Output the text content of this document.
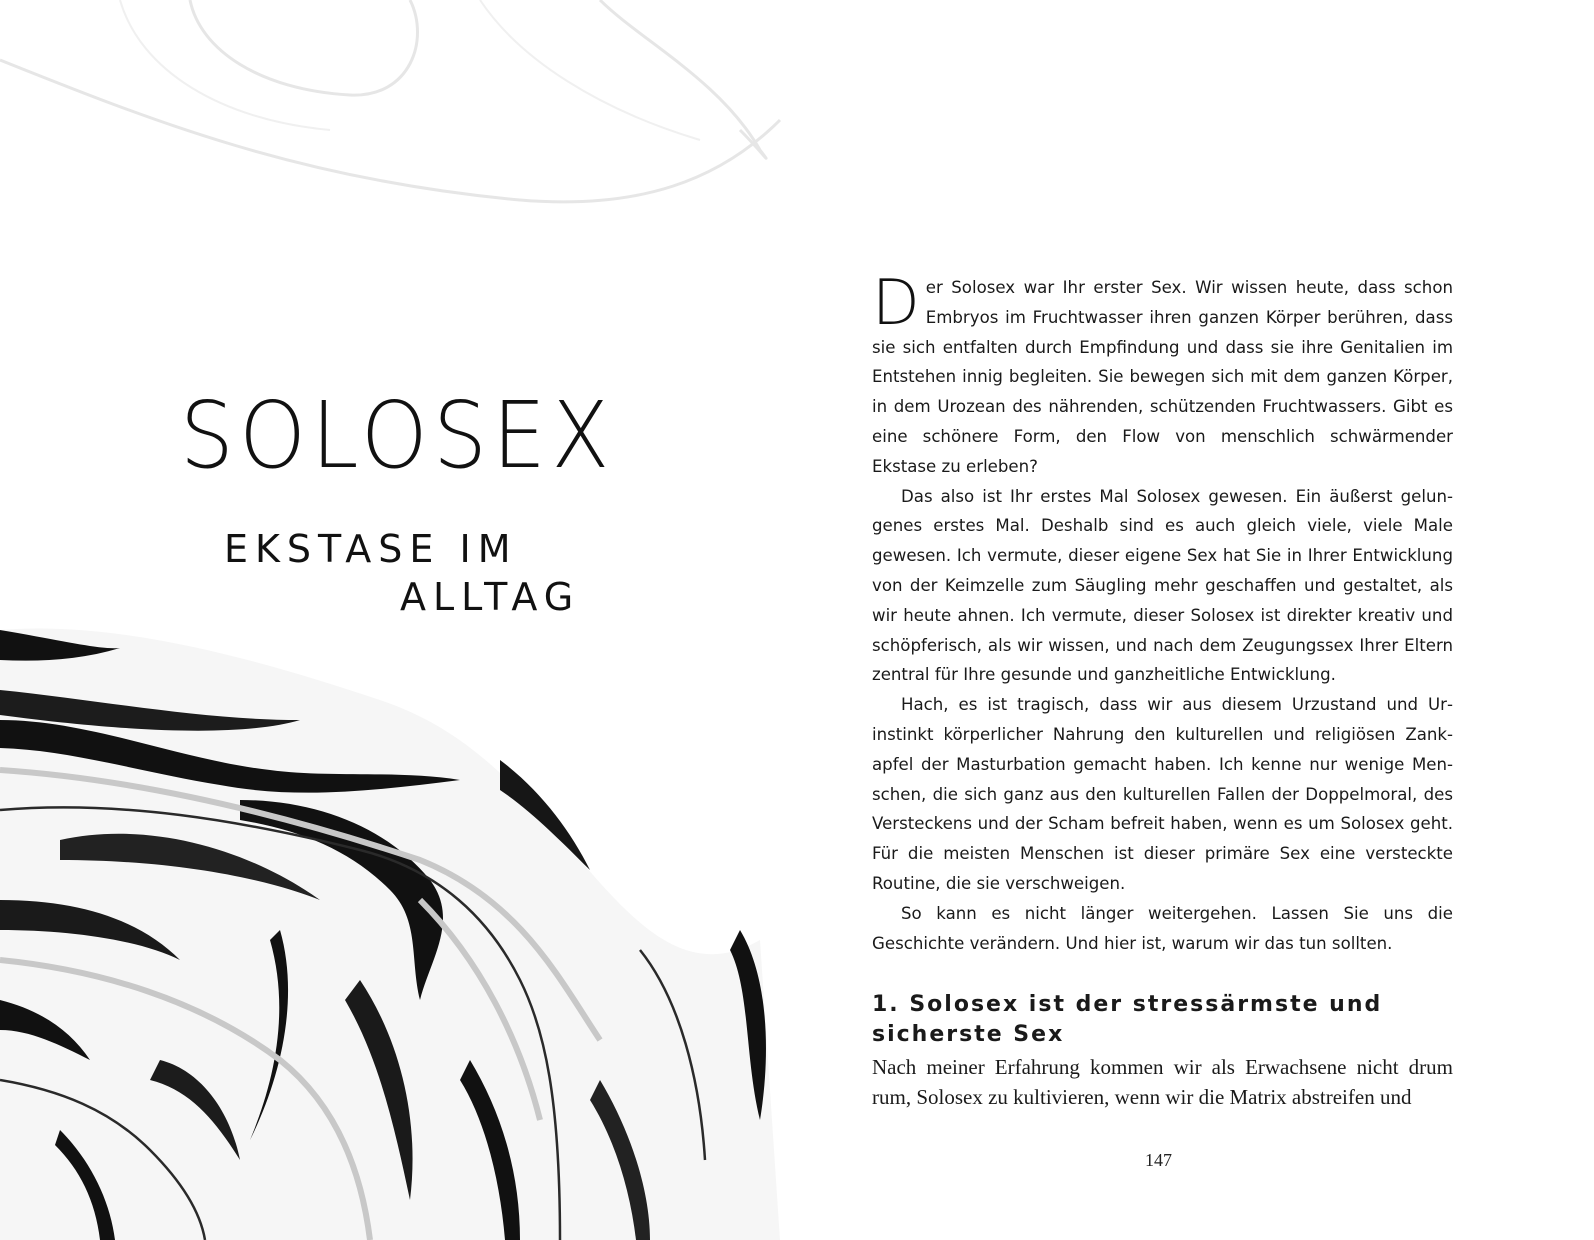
SOLOSEX
EKSTASE IM
ALLTAG

Der Solosex war Ihr erster Sex. Wir wissen heute, dass schon Embryos im Fruchtwasser ihren ganzen Körper berühren, dass sie sich entfalten durch Empfindung und dass sie ihre Genitalien im Entstehen innig begleiten. Sie bewegen sich mit dem ganzen Körper, in dem Urozean des nährenden, schützenden Fruchtwassers. Gibt es eine schönere Form, den Flow von menschlich schwärmender Ekstase zu erleben?

Das also ist Ihr erstes Mal Solosex gewesen. Ein äußerst gelungenes erstes Mal. Deshalb sind es auch gleich viele, viele Male gewesen. Ich vermute, dieser eigene Sex hat Sie in Ihrer Entwicklung von der Keimzelle zum Säugling mehr geschaffen und gestaltet, als wir heute ahnen. Ich vermute, dieser Solosex ist direkter kreativ und schöpferisch, als wir wissen, und nach dem Zeugungssex Ihrer Eltern zentral für Ihre gesunde und ganzheitliche Entwicklung.

Hach, es ist tragisch, dass wir aus diesem Urzustand und Urinstinkt körperlicher Nahrung den kulturellen und religiösen Zankapfel der Masturbation gemacht haben. Ich kenne nur wenige Menschen, die sich ganz aus den kulturellen Fallen der Doppelmoral, des Versteckens und der Scham befreit haben, wenn es um Solosex geht. Für die meisten Menschen ist dieser primäre Sex eine versteckte Routine, die sie verschweigen.

So kann es nicht länger weitergehen. Lassen Sie uns die Geschichte verändern. Und hier ist, warum wir das tun sollten.

1. Solosex ist der stressärmste und sicherste Sex

Nach meiner Erfahrung kommen wir als Erwachsene nicht drum rum, Solosex zu kultivieren, wenn wir die Matrix abstreifen und

147
